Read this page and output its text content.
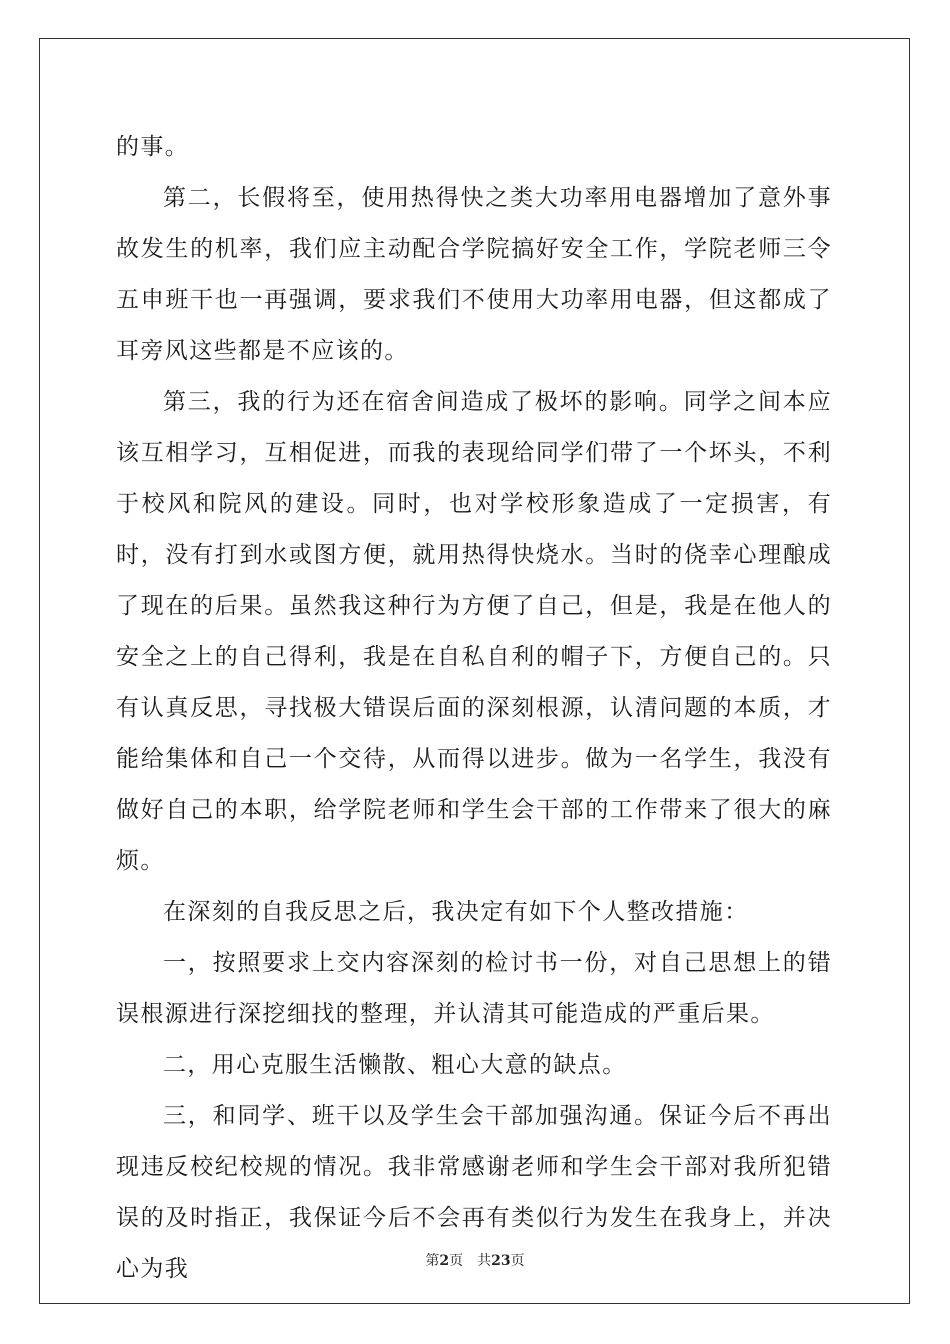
的事。

第二，长假将至，使用热得快之类大功率用电器增加了意外事故发生的机率，我们应主动配合学院搞好安全工作，学院老师三令五申班干也一再强调，要求我们不使用大功率用电器，但这都成了耳旁风这些都是不应该的。

第三，我的行为还在宿舍间造成了极坏的影响。同学之间本应该互相学习，互相促进，而我的表现给同学们带了一个坏头，不利于校风和院风的建设。同时，也对学校形象造成了一定损害，有时，没有打到水或图方便，就用热得快烧水。当时的侥幸心理酿成了现在的后果。虽然我这种行为方便了自己，但是，我是在他人的安全之上的自己得利，我是在自私自利的帽子下，方便自己的。只有认真反思，寻找极大错误后面的深刻根源，认清问题的本质，才能给集体和自己一个交待，从而得以进步。做为一名学生，我没有做好自己的本职，给学院老师和学生会干部的工作带来了很大的麻烦。

在深刻的自我反思之后，我决定有如下个人整改措施：

一，按照要求上交内容深刻的检讨书一份，对自己思想上的错误根源进行深挖细找的整理，并认清其可能造成的严重后果。

二，用心克服生活懒散、粗心大意的缺点。

三，和同学、班干以及学生会干部加强沟通。保证今后不再出现违反校纪校规的情况。我非常感谢老师和学生会干部对我所犯错误的及时指正，我保证今后不会再有类似行为发生在我身上，并决心为我	第2页 共23页
